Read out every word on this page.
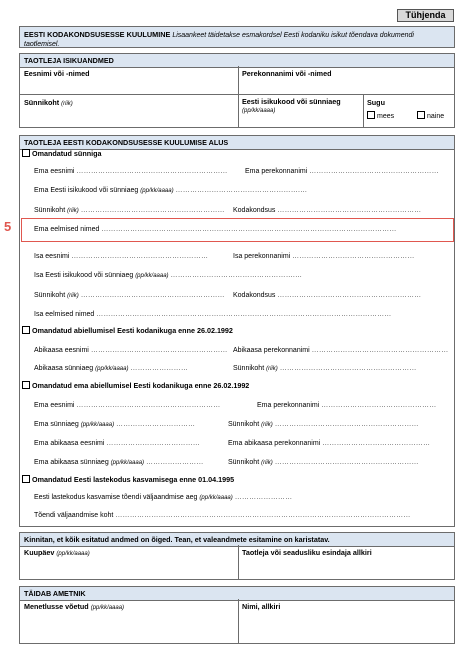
Tühjenda
EESTI KODAKONDSUSESSE KUULUMINE Lisaankeet täidetakse esmakordsel Eesti kodaniku isikut tõendava dokumendi taotlemisel.
TAOTLEJA ISIKUANDMED
Eesnimi või -nimed	Perekonnanimi või -nimed
Sünnikoht (riik)	Eesti isikukood või sünniaeg
(pp/kk/aaaa)
Sugu
mees	naine
TAOTLEJA EESTI KODAKONDSUSESSE KUULUMISE ALUS
Omandatud sünniga
Ema eesnimi ……………………………………………………… Ema perekonnanimi ………………………………………………
Ema Eesti isikukood või sünniaeg (pp/kk/aaaa) …………………………………………….…
Sünnikoht (riik) …………………………………………………… Kodakondsus ……………………………………………………
5	Ema eelmised nimed ……………………………………………………………………………………………………………
Isa eesnimi …………………………………………………	Isa perekonnanimi ……………………………………………
Isa Eesti isikukood või sünniaeg (pp/kk/aaaa) …………………………………………….…
Sünnikoht (riik) …………………………………………………… Kodakondsus ……………………………………………………
Isa eelmised nimed ……………………………………………………………………………………………………………
Omandatud abiellumisel Eesti kodanikuga enne 26.02.1992
Abikaasa eesnimi ………………………………………………… Abikaasa perekonnanimi …………………………………………………
Abikaasa sünniaeg (pp/kk/aaaa) ……………………	Sünnikoht (riik) …………………………………………………
Omandatud ema abiellumisel Eesti kodanikuga enne 26.02.1992
Ema eesnimi ……………………………………………………	Ema perekonnanimi …………………………………………
Ema sünniaeg (pp/kk/aaaa) ……………………………	Sünnikoht (riik) ……………………………………………………
Ema abikaasa eesnimi …………………………………	Ema abikaasa perekonnanimi ………………………………………
Ema abikaasa sünniaeg (pp/kk/aaaa) ……………………	Sünnikoht (riik) ……………………………………………………
Omandatud Eesti lastekodus kasvamisega enne 01.04.1995
Eesti lastekodus kasvamise tõendi väljaandmise aeg (pp/kk/aaaa) ……………………
Tõendi väljaandmise koht ……………………………………………………………………………………………………………
Kinnitan, et kõik esitatud andmed on õiged. Tean, et valeandmete esitamine on karistatav.
Kuupäev (pp/kk/aaaa)	Taotleja või seadusliku esindaja allkiri
TÄIDAB AMETNIK
Menetlusse võetud (pp/kk/aaaa)	Nimi, allkiri
